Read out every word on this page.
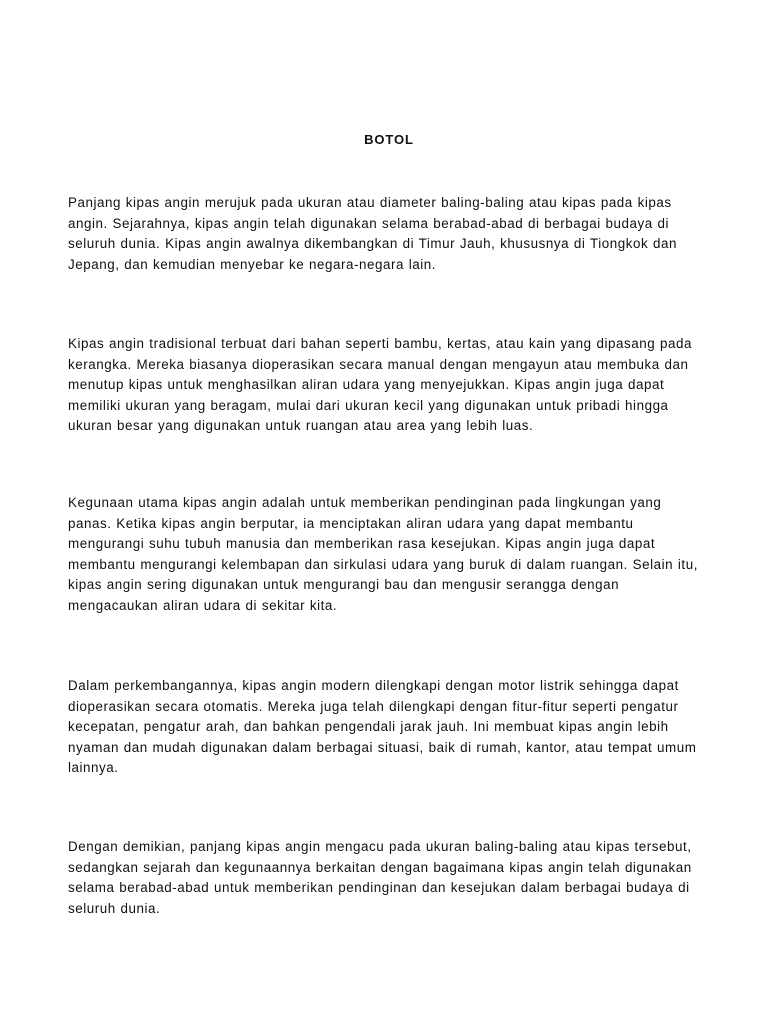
BOTOL

Panjang kipas angin merujuk pada ukuran atau diameter baling-baling atau kipas pada kipas angin. Sejarahnya, kipas angin telah digunakan selama berabad-abad di berbagai budaya di seluruh dunia. Kipas angin awalnya dikembangkan di Timur Jauh, khususnya di Tiongkok dan Jepang, dan kemudian menyebar ke negara-negara lain.

Kipas angin tradisional terbuat dari bahan seperti bambu, kertas, atau kain yang dipasang pada kerangka. Mereka biasanya dioperasikan secara manual dengan mengayun atau membuka dan menutup kipas untuk menghasilkan aliran udara yang menyejukkan. Kipas angin juga dapat memiliki ukuran yang beragam, mulai dari ukuran kecil yang digunakan untuk pribadi hingga ukuran besar yang digunakan untuk ruangan atau area yang lebih luas.

Kegunaan utama kipas angin adalah untuk memberikan pendinginan pada lingkungan yang panas. Ketika kipas angin berputar, ia menciptakan aliran udara yang dapat membantu mengurangi suhu tubuh manusia dan memberikan rasa kesejukan. Kipas angin juga dapat membantu mengurangi kelembapan dan sirkulasi udara yang buruk di dalam ruangan. Selain itu, kipas angin sering digunakan untuk mengurangi bau dan mengusir serangga dengan mengacaukan aliran udara di sekitar kita.

Dalam perkembangannya, kipas angin modern dilengkapi dengan motor listrik sehingga dapat dioperasikan secara otomatis. Mereka juga telah dilengkapi dengan fitur-fitur seperti pengatur kecepatan, pengatur arah, dan bahkan pengendali jarak jauh. Ini membuat kipas angin lebih nyaman dan mudah digunakan dalam berbagai situasi, baik di rumah, kantor, atau tempat umum lainnya.

Dengan demikian, panjang kipas angin mengacu pada ukuran baling-baling atau kipas tersebut, sedangkan sejarah dan kegunaannya berkaitan dengan bagaimana kipas angin telah digunakan selama berabad-abad untuk memberikan pendinginan dan kesejukan dalam berbagai budaya di seluruh dunia.
